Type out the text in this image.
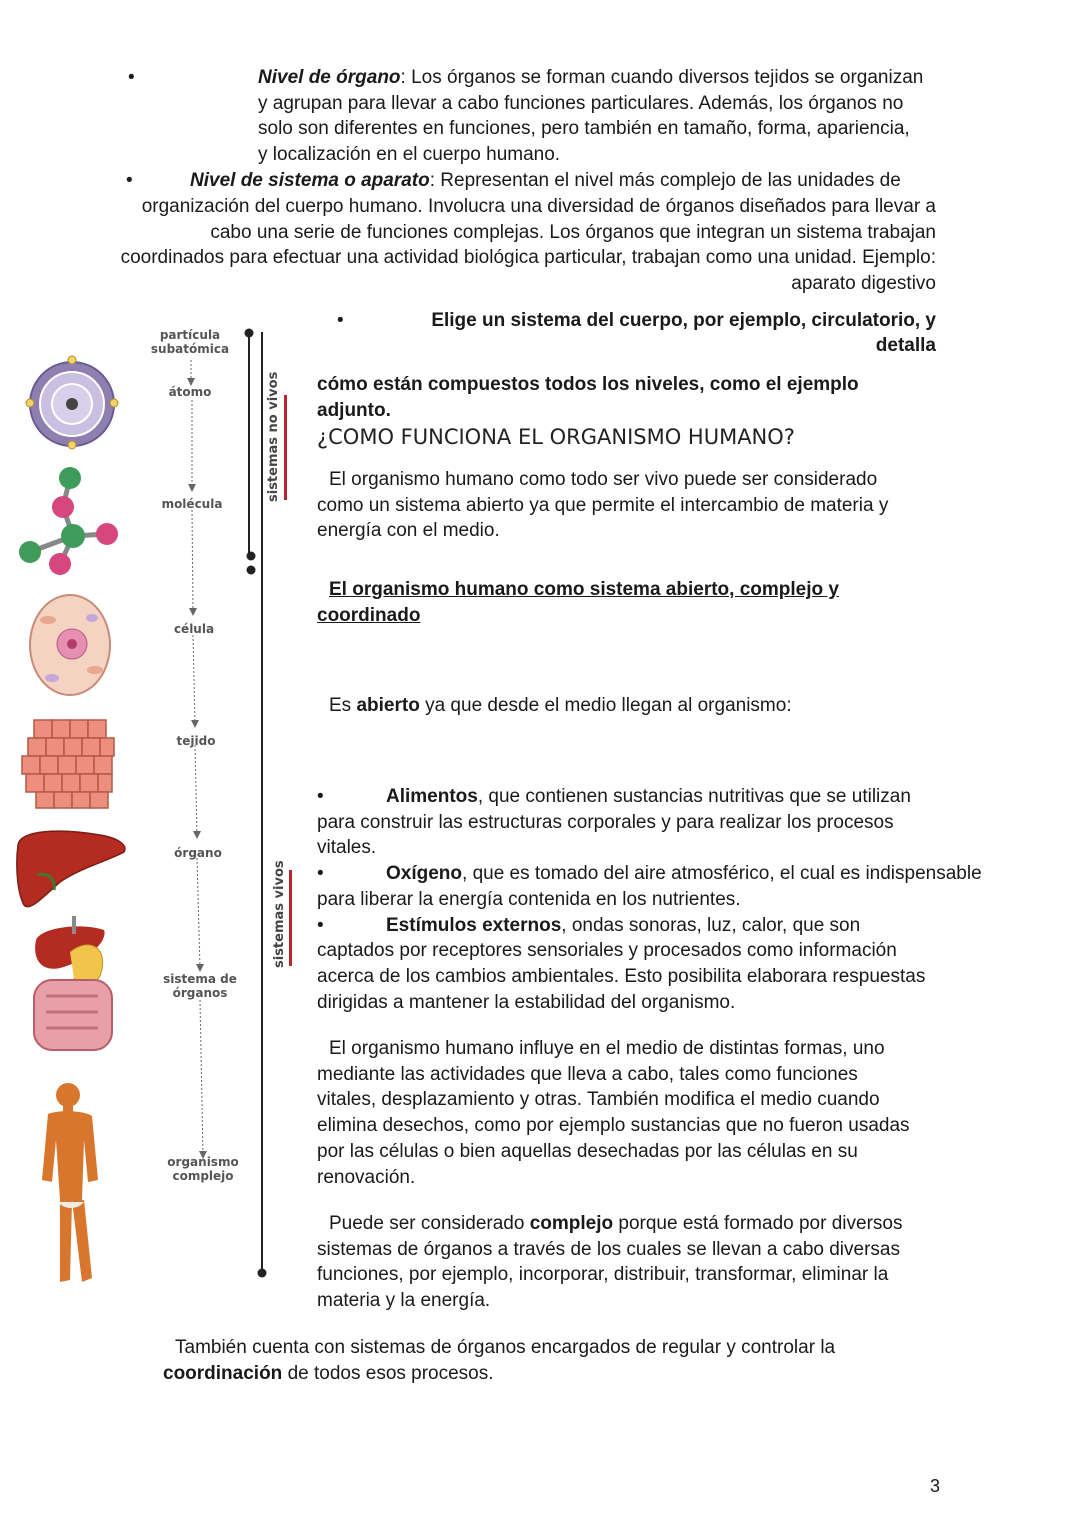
•	Nivel de órgano: Los órganos se forman cuando diversos tejidos se organizan
y agrupan para llevar a cabo funciones particulares. Además, los órganos no
solo son diferentes en funciones, pero también en tamaño, forma, apariencia,
y localización en el cuerpo humano.
•	Nivel de sistema o aparato: Representan el nivel más complejo de las unidades de
organización del cuerpo humano. Involucra una diversidad de órganos diseñados para llevar a
cabo una serie de funciones complejas. Los órganos que integran un sistema trabajan
coordinados para efectuar una actividad biológica particular, trabajan como una unidad. Ejemplo:
aparato digestivo
partícula subatómica
átomo
molécula
célula
tejido
órgano
sistema de órganos
organismo complejo
sistemas no vivos
sistemas vivos
•	Elige un sistema del cuerpo, por ejemplo, circulatorio, y
detalla
cómo están compuestos todos los niveles, como el ejemplo
adjunto.
¿COMO FUNCIONA EL ORGANISMO HUMANO?
El organismo humano como todo ser vivo puede ser considerado
como un sistema abierto ya que permite el intercambio de materia y
energía con el medio.
El organismo humano como sistema abierto, complejo y
coordinado
Es abierto ya que desde el medio llegan al organismo:
•	Alimentos, que contienen sustancias nutritivas que se utilizan
para construir las estructuras corporales y para realizar los procesos
vitales.
•	Oxígeno, que es tomado del aire atmosférico, el cual es indispensable
para liberar la energía contenida en los nutrientes.
•	Estímulos externos, ondas sonoras, luz, calor, que son
captados por receptores sensoriales y procesados como información
acerca de los cambios ambientales. Esto posibilita elaborara respuestas
dirigidas a mantener la estabilidad del organismo.
El organismo humano influye en el medio de distintas formas, uno
mediante las actividades que lleva a cabo, tales como funciones
vitales, desplazamiento y otras. También modifica el medio cuando
elimina desechos, como por ejemplo sustancias que no fueron usadas
por las células o bien aquellas desechadas por las células en su
renovación.
Puede ser considerado complejo porque está formado por diversos
sistemas de órganos a través de los cuales se llevan a cabo diversas
funciones, por ejemplo, incorporar, distribuir, transformar, eliminar la
materia y la energía.
También cuenta con sistemas de órganos encargados de regular y controlar la
coordinación de todos esos procesos.
3
